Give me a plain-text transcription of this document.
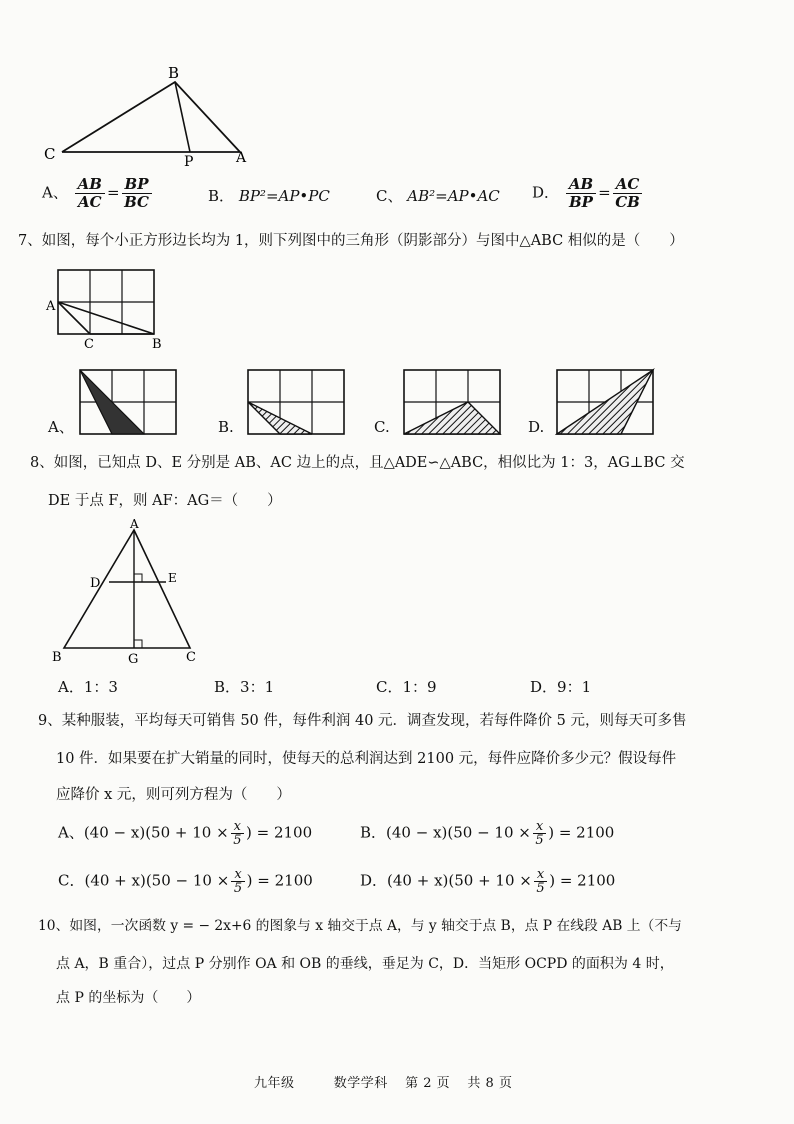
B
C	P	A
A、 $\frac{AB}{AC} = \frac{BP}{BC}$	B． BP²=AP•PC	C、 AB²=AP•AC D． $\frac{AB}{BP} = \frac{AC}{CB}$
7、如图，每个小正方形边长均为 1，则下列图中的三角形（阴影部分）与图中△ABC 相似的是（　　）
A
C	B
A、	B.	C.	D.
8、如图，已知点 D、E 分别是 AB、AC 边上的点，且△ADE∽△ABC，相似比为 1：3，AG⊥BC 交
DE 于点 F，则 AF：AG＝（　　）
A
D	E
B	G	C
A．1：3	B．3：1	C．1：9	D．9：1
9、某种服装，平均每天可销售 50 件，每件利润 40 元．调查发现，若每件降价 5 元，则每天可多售
10 件．如果要在扩大销量的同时，使每天的总利润达到 2100 元，每件应降价多少元？假设每件
应降价 x 元，则可列方程为（　　）
A、$(40 - x)(50 + 10 \times \frac{x}{5}$ ) = 2100	B．$(40 - x)(50 - 10 \times \frac{x}{5}$ ) = 2100
C．$(40 + x)(50 - 10 \times \frac{x}{5}$ ) = 2100	D．$(40 + x)(50 + 10 \times \frac{x}{5}$ ) = 2100
10、如图，一次函数 y = − 2x+6 的图象与 x 轴交于点 A，与 y 轴交于点 B，点 P 在线段 AB 上（不与
点 A，B 重合），过点 P 分别作 OA 和 OB 的垂线，垂足为 C，D．当矩形 OCPD 的面积为 4 时，
点 P 的坐标为（　　）
九年级	数学学科 第 2 页 共 8 页
